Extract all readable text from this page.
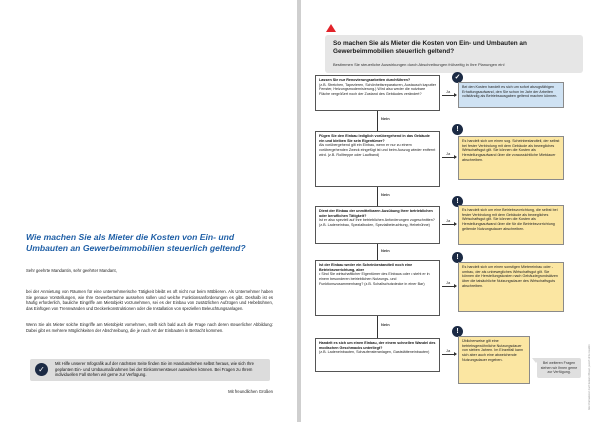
Wie machen Sie als Mieter die Kosten von Ein- und Umbauten an Gewerbeimmobilien steuerlich geltend?

Sehr geehrte Mandantin, sehr geehrter Mandant,

bei der Anmietung von Räumen für eine unternehmerische Tätigkeit bleibt es oft nicht nur beim Möblieren. Als Unternehmer haben Sie genaue Vorstellungen, wie Ihre Gewerberäume aussehen sollen und welche Funktionsanforderungen es gibt. Deshalb ist es häufig erforderlich, bauliche Eingriffe am Mietobjekt vorzunehmen, sei es der Einbau von zusätzlichen Aufzügen und Hebebühnen, das Einfügen von Trennwänden und Deckenkonstruktionen oder die Installation von speziellen Beleuchtungsanlagen.

Wenn Sie als Mieter solche Eingriffe am Mietobjekt vornehmen, stellt sich bald auch die Frage nach deren steuerlicher Abbildung: Dabei gibt es mehrere Möglichkeiten der Abschreibung, die je nach Art der Einbauten in Betracht kommen.

✓
Mit Hilfe unserer Infografik auf der nächsten Seite finden Sie im Handumdrehen selbst heraus, wie sich Ihre geplanten Ein- und Umbaumaßnahmen bei der Einkommensteuer auswirken können. Bei Fragen zu Ihrem individuellen Fall stehen wir gerne zur Verfügung.
Mit freundlichen Grüßen
So machen Sie als Mieter die Kosten von Ein- und Umbauten an Gewerbeimmobilien steuerlich geltend?
Bestimmen Sie steuerliche Auswirkungen durch Abschreibungen frühzeitig in Ihre Planungen ein!
Lassen Sie nur Renovierungsarbeiten durchführen?
(z.B. Streichen, Tapezieren, Schönheitsreparaturen, Austausch kaputter Fenster, Heizungsmodernisierung.) Wird also weder die nutzbare Fläche vergrößert noch der Zustand des Gebäudes verändert?
Ja
✓
Bei den Kosten handelt es sich um sofort abzugsfähigen Erhaltungsaufwand, den Sie schon im Jahr der Arbeiten vollständig als Betriebsausgaben geltend machen können.
Nein
Fügen Sie den Einbau lediglich vorübergehend in das Gebäude ein und bleiben Sie sein Eigentümer?
Als vorübergehend gilt ein Einbau, wenn er nur zu einem vorübergehenden Zweck eingefügt ist und beim Auszug wieder entfernt wird. (z.B. Rolltreppe oder Laufband)	Ja
!
Es handelt sich um einen sog. Scheinbestandteil, der selbst bei fester Verbindung mit dem Gebäude als bewegliches Wirtschaftsgut gilt. Sie können die Kosten als Herstellungsaufwand über die voraussichtliche Mietdauer abschreiben.
Nein
Dient der Einbau der unmittelbaren Ausübung Ihrer betrieblichen oder beruflichen Tätigkeit?
Ist er also speziell auf Ihre betrieblichen Anforderungen zugeschnitten? (z.B. Ladeneinbau, Spezialboden, Spezialbeleuchtung, Hebebühne)
Ja
!
Es handelt sich um eine Betriebsvorrichtung, die selbst bei fester Verbindung mit dem Gebäude als bewegliches Wirtschaftsgut gilt. Sie können die Kosten als Herstellungsaufwand über die für die Betriebsvorrichtung geltende Nutzungsdauer abschreiben.
Nein
Ist der Einbau weder ein Scheinbestandteil noch eine Betriebsvorrichtung, aber
• Sind Sie wirtschaftlicher Eigentümer des Einbaus oder • steht er in einem besonderen betrieblichen Nutzungs- und Funktionszusammenhang? (z.B. Schallschutzdecke in einer Bar)	Ja
!
Es handelt sich um einen sonstigen Mietereinbau oder -umbau, der als unbewegliches Wirtschaftsgut gilt. Sie können die Herstellungskosten nach Gebäudegrundsätzen über die tatsächliche Nutzungsdauer des Wirtschaftsguts abschreiben.
Nein
Handelt es sich um einen Einbau, der einem schnellen Wandel des modischen Geschmacks unterliegt?
(z.B. Ladeneinbauten, Schaufensteranlagen, Gaststätteneinbauten)	Ja
!
Üblicherweise gilt eine betriebsgewöhnliche Nutzungsdauer von sieben Jahren. Im Einzelfall kann sich aber auch eine abweichende Nutzungsdauer ergeben.
Bei weiteren Fragen stehen wir Ihnen gerne zur Verfügung.	Alle Informationen nach bestem Wissen, jedoch ohne Gewähr.
